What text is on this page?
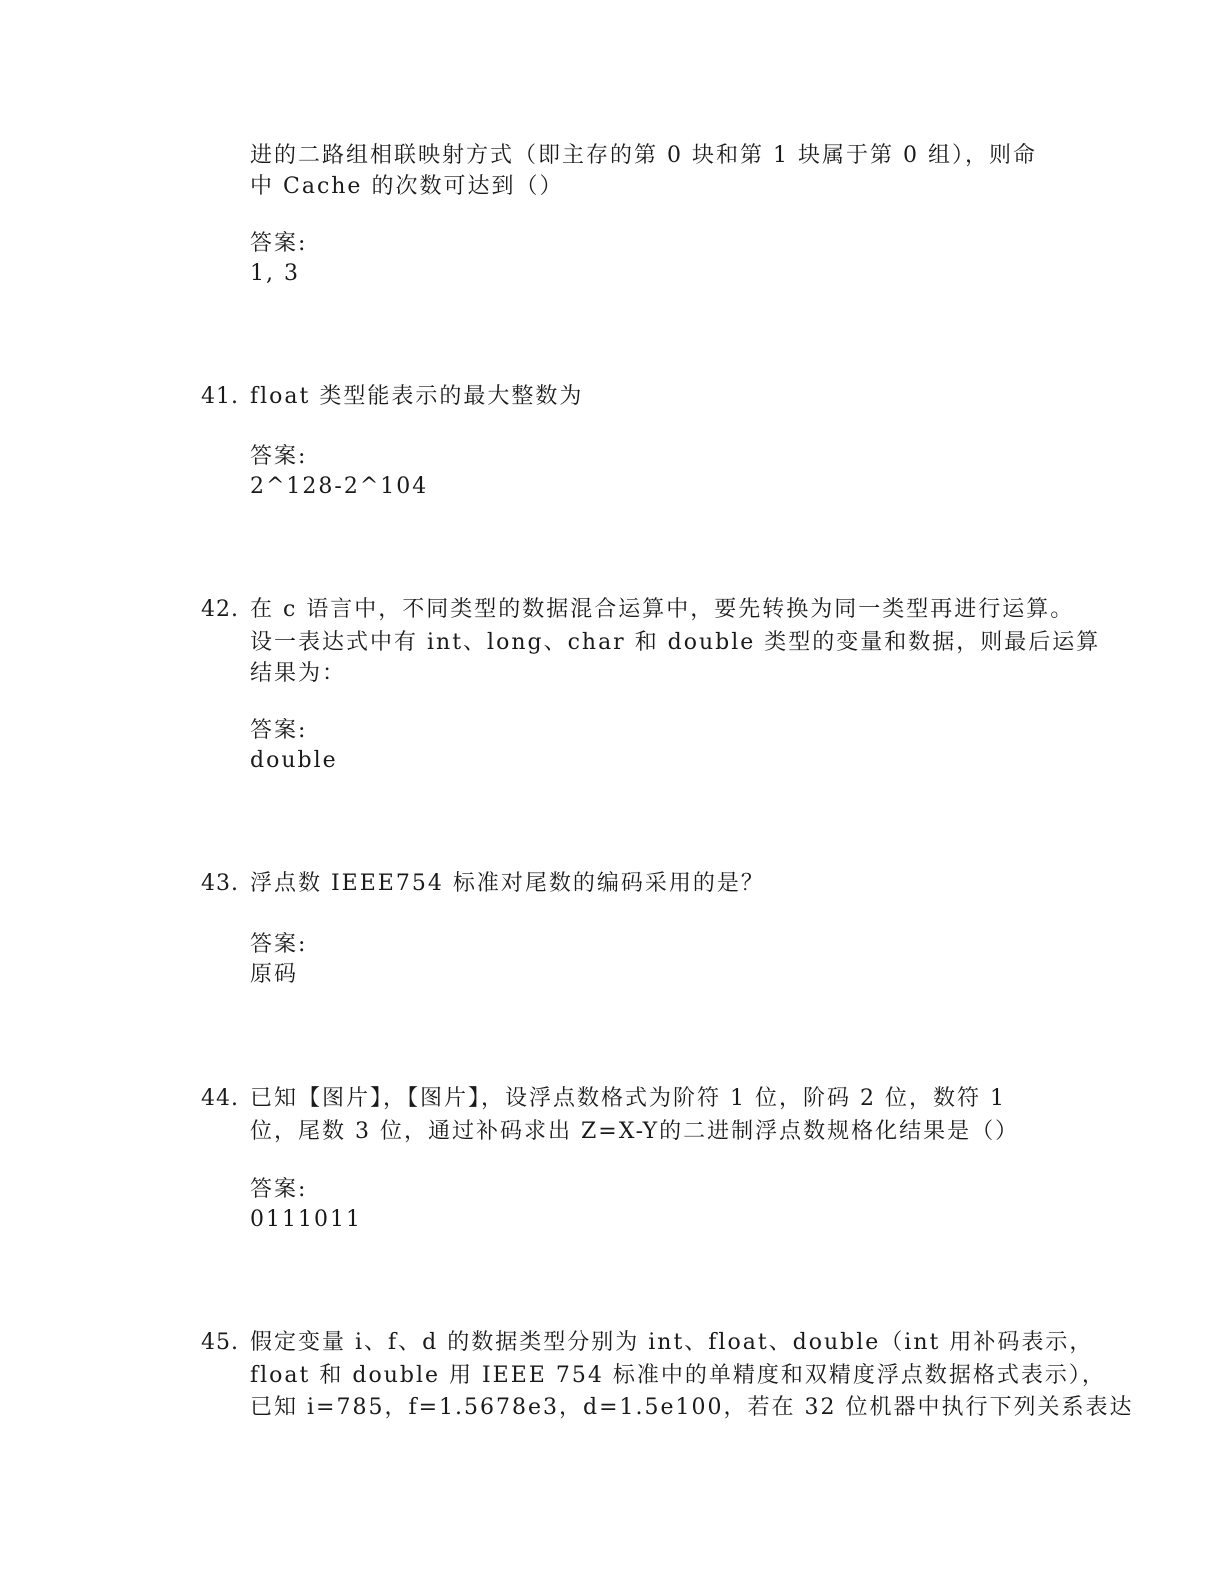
进的二路组相联映射方式（即主存的第 0 块和第 1 块属于第 0 组），则命
中 Cache 的次数可达到（）
答案:
1, 3
41. float 类型能表示的最大整数为
答案:
2^128-2^104
42. 在 c 语言中，不同类型的数据混合运算中，要先转换为同一类型再进行运算。
设一表达式中有 int、long、char 和 double 类型的变量和数据，则最后运算
结果为：
答案:
double
43. 浮点数 IEEE754 标准对尾数的编码采用的是？
答案:
原码
44. 已知【图片】，【图片】，设浮点数格式为阶符 1 位，阶码 2 位，数符 1
位，尾数 3 位，通过补码求出 Z=X-Y的二进制浮点数规格化结果是（）
答案:
0111011
45. 假定变量 i、f、d 的数据类型分别为 int、float、double（int 用补码表示，
float 和 double 用 IEEE 754 标准中的单精度和双精度浮点数据格式表示），
已知 i=785，f=1.5678e3，d=1.5e100，若在 32 位机器中执行下列关系表达
